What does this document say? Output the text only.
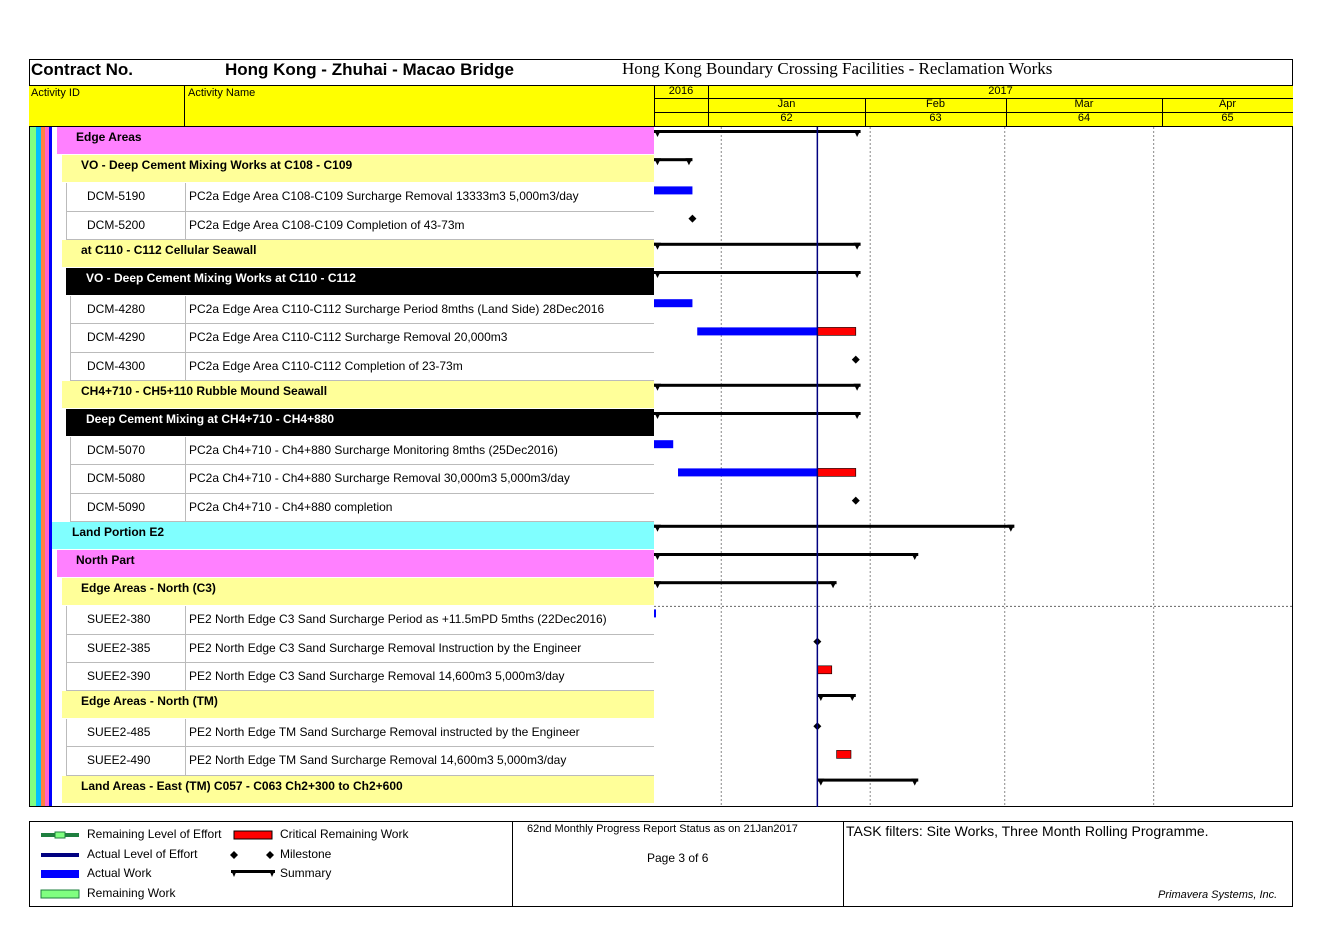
Contract No.	Hong Kong - Zhuhai - Macao Bridge	Hong Kong Boundary Crossing Facilities - Reclamation Works
Activity ID	Activity Name	2016	2017
Jan	Feb	Mar	Apr
62	63	64	65
Edge Areas
VO - Deep Cement Mixing Works at C108 - C109
DCM-5190	PC2a Edge Area C108-C109 Surcharge Removal 13333m3 5,000m3/day
DCM-5200	PC2a Edge Area C108-C109 Completion of 43-73m
at C110 - C112 Cellular Seawall
VO - Deep Cement Mixing Works at C110 - C112
DCM-4280	PC2a Edge Area C110-C112 Surcharge Period 8mths (Land Side) 28Dec2016
DCM-4290	PC2a Edge Area C110-C112 Surcharge Removal 20,000m3
DCM-4300	PC2a Edge Area C110-C112 Completion of 23-73m
CH4+710 - CH5+110 Rubble Mound Seawall
Deep Cement Mixing at CH4+710 - CH4+880
DCM-5070	PC2a Ch4+710 - Ch4+880 Surcharge Monitoring 8mths (25Dec2016)
DCM-5080	PC2a Ch4+710 - Ch4+880 Surcharge Removal 30,000m3 5,000m3/day
DCM-5090	PC2a Ch4+710 - Ch4+880 completion
Land Portion E2
North Part
Edge Areas - North (C3)
SUEE2-380	PE2 North Edge C3 Sand Surcharge Period as +11.5mPD 5mths (22Dec2016)
SUEE2-385	PE2 North Edge C3 Sand Surcharge Removal Instruction by the Engineer
SUEE2-390	PE2 North Edge C3 Sand Surcharge Removal 14,600m3 5,000m3/day
Edge Areas - North (TM)
SUEE2-485	PE2 North Edge TM Sand Surcharge Removal instructed by the Engineer
SUEE2-490	PE2 North Edge TM Sand Surcharge Removal 14,600m3 5,000m3/day
Land Areas - East (TM) C057 - C063 Ch2+300 to Ch2+600
Remaining Level of Effort
Actual Level of Effort
Actual Work
Remaining Work
Critical Remaining Work
Milestone
Summary
62nd Monthly Progress Report Status as on 21Jan2017
Page 3 of 6
TASK filters: Site Works, Three Month Rolling Programme.
Primavera Systems, Inc.
